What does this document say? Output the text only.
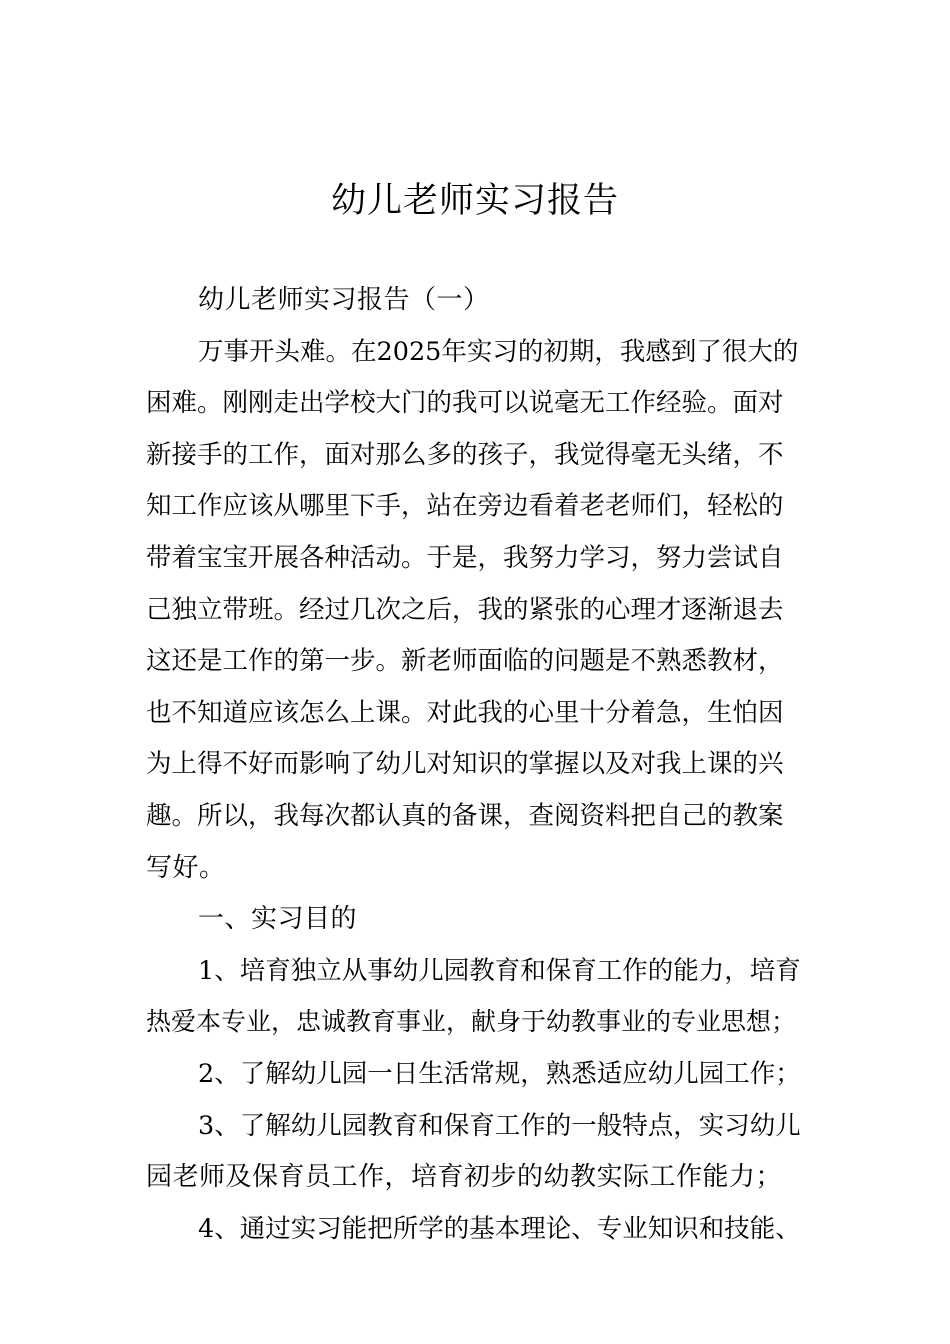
幼儿老师实习报告
幼儿老师实习报告（一）
万事开头难。在2025年实习的初期，我感到了很大的
困难。刚刚走出学校大门的我可以说毫无工作经验。面对
新接手的工作，面对那么多的孩子，我觉得毫无头绪，不
知工作应该从哪里下手，站在旁边看着老老师们，轻松的
带着宝宝开展各种活动。于是，我努力学习，努力尝试自
己独立带班。经过几次之后，我的紧张的心理才逐渐退去
这还是工作的第一步。新老师面临的问题是不熟悉教材，
也不知道应该怎么上课。对此我的心里十分着急，生怕因
为上得不好而影响了幼儿对知识的掌握以及对我上课的兴
趣。所以，我每次都认真的备课，查阅资料把自己的教案
写好。
一、实习目的
1、培育独立从事幼儿园教育和保育工作的能力，培育
热爱本专业，忠诚教育事业，献身于幼教事业的专业思想；
2、了解幼儿园一日生活常规，熟悉适应幼儿园工作；
3、了解幼儿园教育和保育工作的一般特点，实习幼儿
园老师及保育员工作，培育初步的幼教实际工作能力；
4、通过实习能把所学的基本理论、专业知识和技能、
